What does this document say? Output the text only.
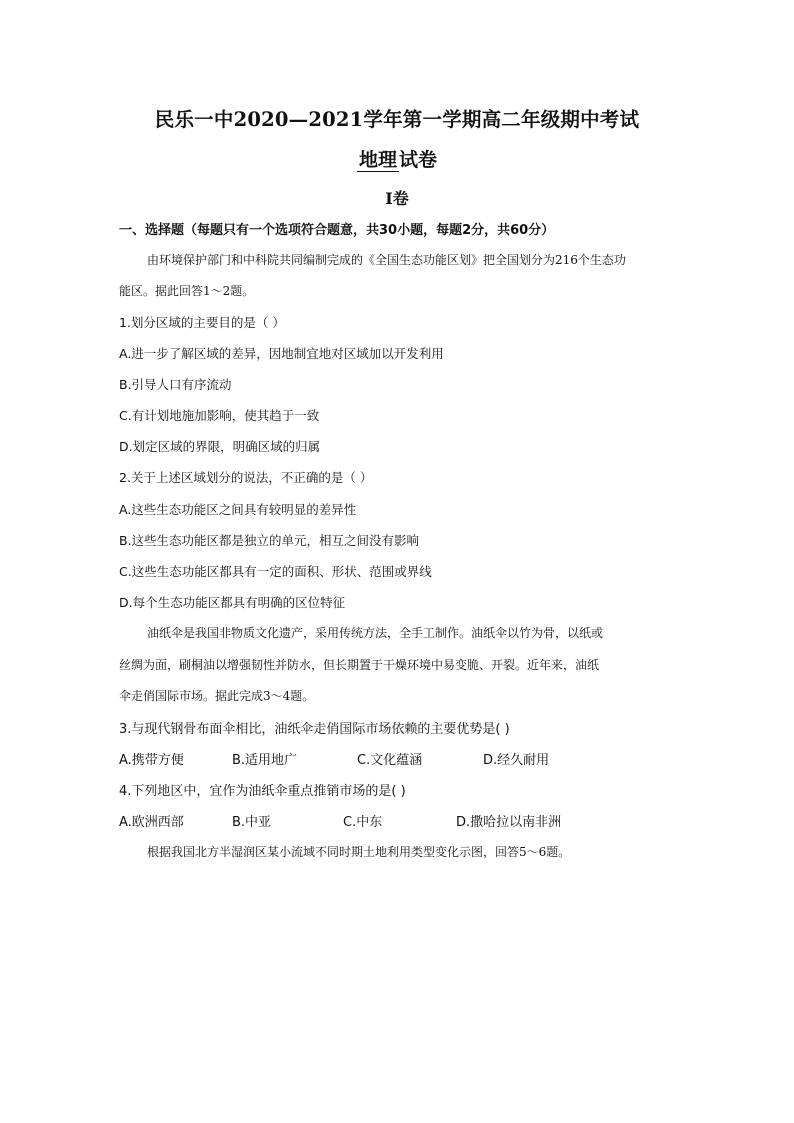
民乐一中2020—2021学年第一学期高二年级期中考试
地理 试卷
I卷
一、选择题（每题只有一个选项符合题意，共30小题，每题2分，共60分）
由环境保护部门和中科院共同编制完成的《全国生态功能区划》把全国划分为216个生态功
能区。据此回答1～2题。
1.划分区域的主要目的是（ ）
A.进一步了解区域的差异，因地制宜地对区域加以开发利用
B.引导人口有序流动
C.有计划地施加影响，使其趋于一致
D.划定区域的界限，明确区域的归属
2.关于上述区域划分的说法，不正确的是（ ）
A.这些生态功能区之间具有较明显的差异性
B.这些生态功能区都是独立的单元，相互之间没有影响
C.这些生态功能区都具有一定的面积、形状、范围或界线
D.每个生态功能区都具有明确的区位特征
油纸伞是我国非物质文化遗产，采用传统方法，全手工制作。油纸伞以竹为骨，以纸或
丝绸为面，刷桐油以增强韧性并防水，但长期置于干燥环境中易变脆、开裂。近年来，油纸
伞走俏国际市场。据此完成3～4题。
3.与现代钢骨布面伞相比，油纸伞走俏国际市场依赖的主要优势是( )
A.携带方便	B.适用地广	C.文化蕴涵	D.经久耐用
4.下列地区中，宜作为油纸伞重点推销市场的是( )
A.欧洲西部	B.中亚	C.中东	D.撒哈拉以南非洲
根据我国北方半湿润区某小流域不同时期土地利用类型变化示图，回答5～6题。
